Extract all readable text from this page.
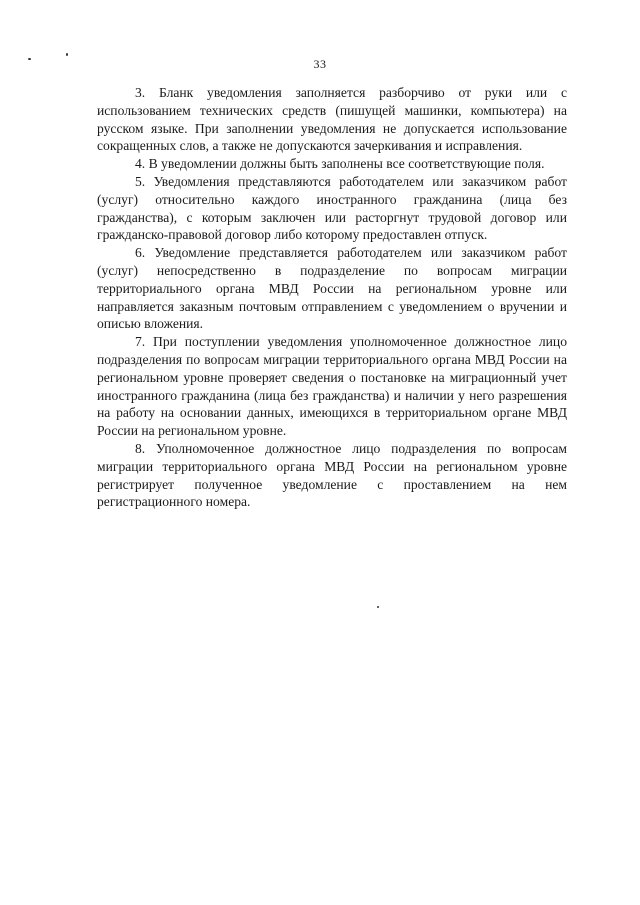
33

3. Бланк уведомления заполняется разборчиво от руки или с использованием технических средств (пишущей машинки, компьютера) на русском языке. При заполнении уведомления не допускается использование сокращенных слов, а также не допускаются зачеркивания и исправления.

4. В уведомлении должны быть заполнены все соответствующие поля.

5. Уведомления представляются работодателем или заказчиком работ (услуг) относительно каждого иностранного гражданина (лица без гражданства), с которым заключен или расторгнут трудовой договор или гражданско-правовой договор либо которому предоставлен отпуск.

6. Уведомление представляется работодателем или заказчиком работ (услуг) непосредственно в подразделение по вопросам миграции территориального органа МВД России на региональном уровне или направляется заказным почтовым отправлением с уведомлением о вручении и описью вложения.

7. При поступлении уведомления уполномоченное должностное лицо подразделения по вопросам миграции территориального органа МВД России на региональном уровне проверяет сведения о постановке на миграционный учет иностранного гражданина (лица без гражданства) и наличии у него разрешения на работу на основании данных, имеющихся в территориальном органе МВД России на региональном уровне.

8. Уполномоченное должностное лицо подразделения по вопросам миграции территориального органа МВД России на региональном уровне регистрирует полученное уведомление с проставлением на нем регистрационного номера.
